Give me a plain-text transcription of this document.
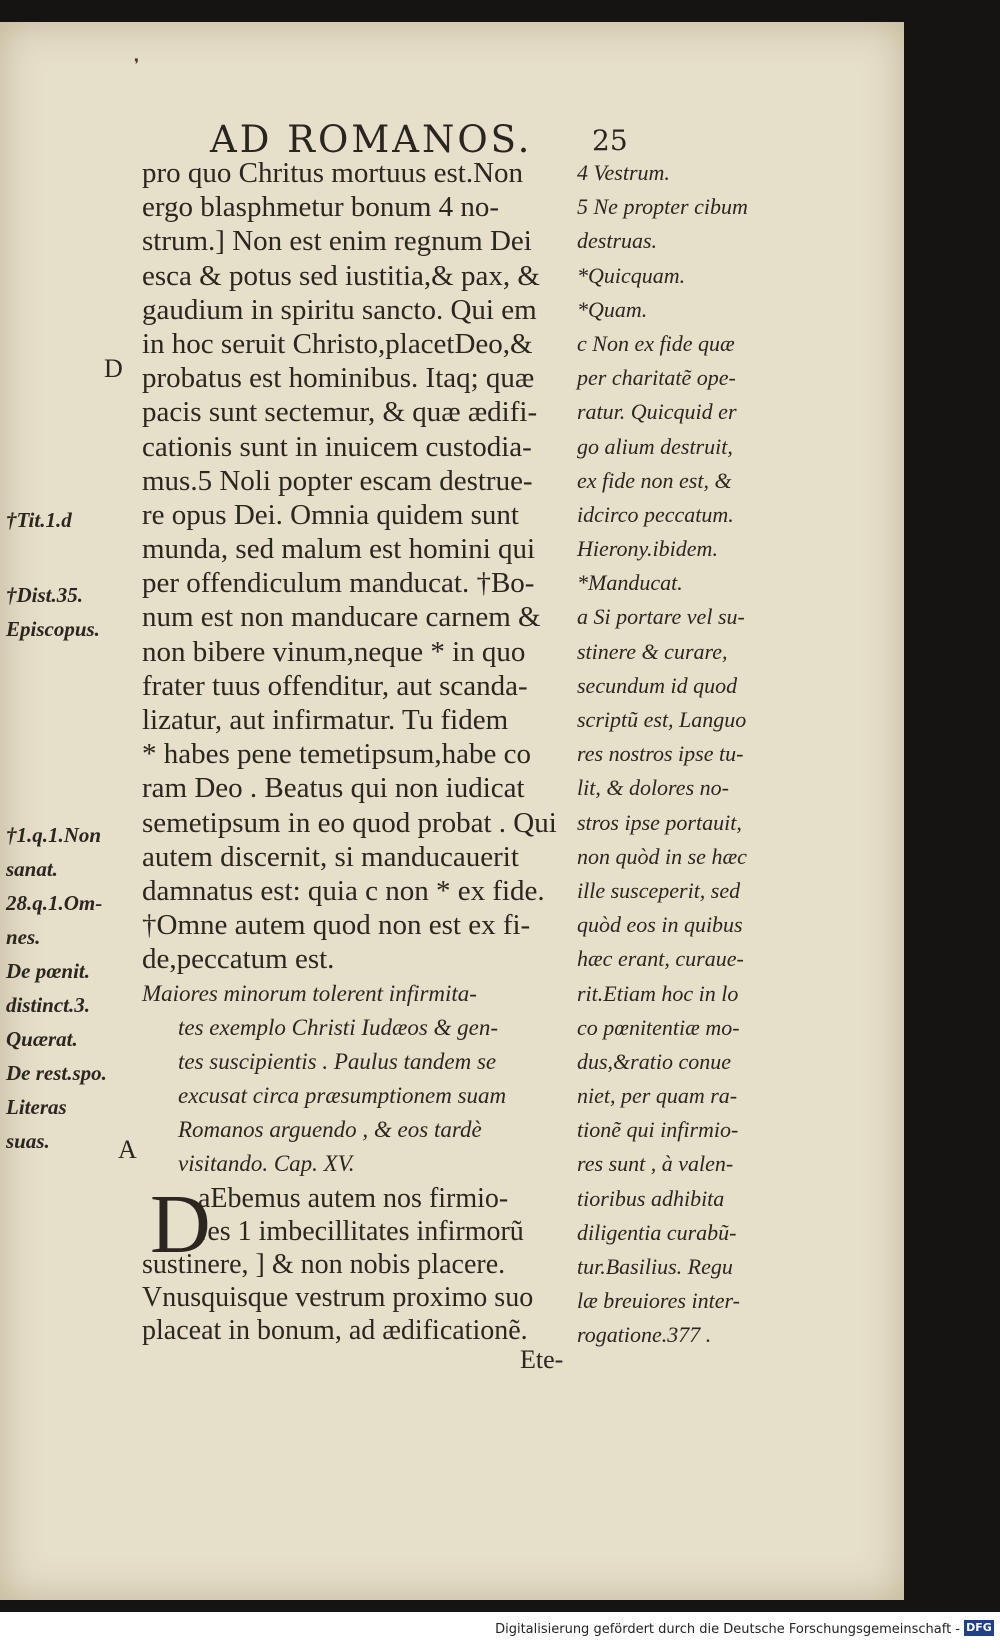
❜
AD ROMANOS. 25
D
A
pro quo Chritus mortuus est.Non
ergo blasphmetur bonum 4 no-
strum.] Non est enim regnum Dei
esca & potus sed iustitia,& pax, &
gaudium in spiritu sancto. Qui em
in hoc seruit Christo,placetDeo,&
probatus est hominibus. Itaq; quæ
pacis sunt sectemur, & quæ ædifi-
cationis sunt in inuicem custodia-
mus.5 Noli popter escam destrue-
re opus Dei. Omnia quidem sunt
munda, sed malum est homini qui
per offendiculum manducat. †Bo-
num est non manducare carnem &
non bibere vinum,neque * in quo
frater tuus offenditur, aut scanda-
lizatur, aut infirmatur. Tu fidem
* habes pene temetipsum,habe co
ram Deo . Beatus qui non iudicat
semetipsum in eo quod probat . Qui
autem discernit, si manducauerit
damnatus est: quia c non * ex fide.
†Omne autem quod non est ex fi-
de,peccatum est.
Maiores minorum tolerent infirmita-
tes exemplo Christi Iudæos & gen-
tes suscipientis . Paulus tandem se
excusat circa præsumptionem suam
Romanos arguendo , & eos tardè
visitando. Cap. XV.
aEbemus autem nos firmio-
res 1 imbecillitates infirmorũ
sustinere, ] & non nobis placere.
Vnusquisque vestrum proximo suo
placeat in bonum, ad ædificationẽ.
D
Ete-
4 Vestrum.
5 Ne propter cibum
destruas.
*Quicquam.
*Quam.
c Non ex fide quæ
per charitatẽ ope-
ratur. Quicquid er
go alium destruit,
ex fide non est, &
idcirco peccatum.
Hierony.ibidem.
*Manducat.
a Si portare vel su-
stinere & curare,
secundum id quod
scriptũ est, Languo
res nostros ipse tu-
lit, & dolores no-
stros ipse portauit,
non quòd in se hæc
ille susceperit, sed
quòd eos in quibus
hæc erant, curaue-
rit.Etiam hoc in lo
co pœnitentiæ mo-
dus,&ratio conue
niet, per quam ra-
tionẽ qui infirmio-
res sunt , à valen-
tioribus adhibita
diligentia curabũ-
tur.Basilius. Regu
læ breuiores inter-
rogatione.377 .
†Tit.1.d
†Dist.35.
Episcopus.
†1.q.1.Non
sanat.
28.q.1.Om-
nes.
De pœnit.
distinct.3.
Quærat.
De rest.spo.
Literas
suas.
Digitalisierung gefördert durch die Deutsche Forschungsgemeinschaft - DFG
